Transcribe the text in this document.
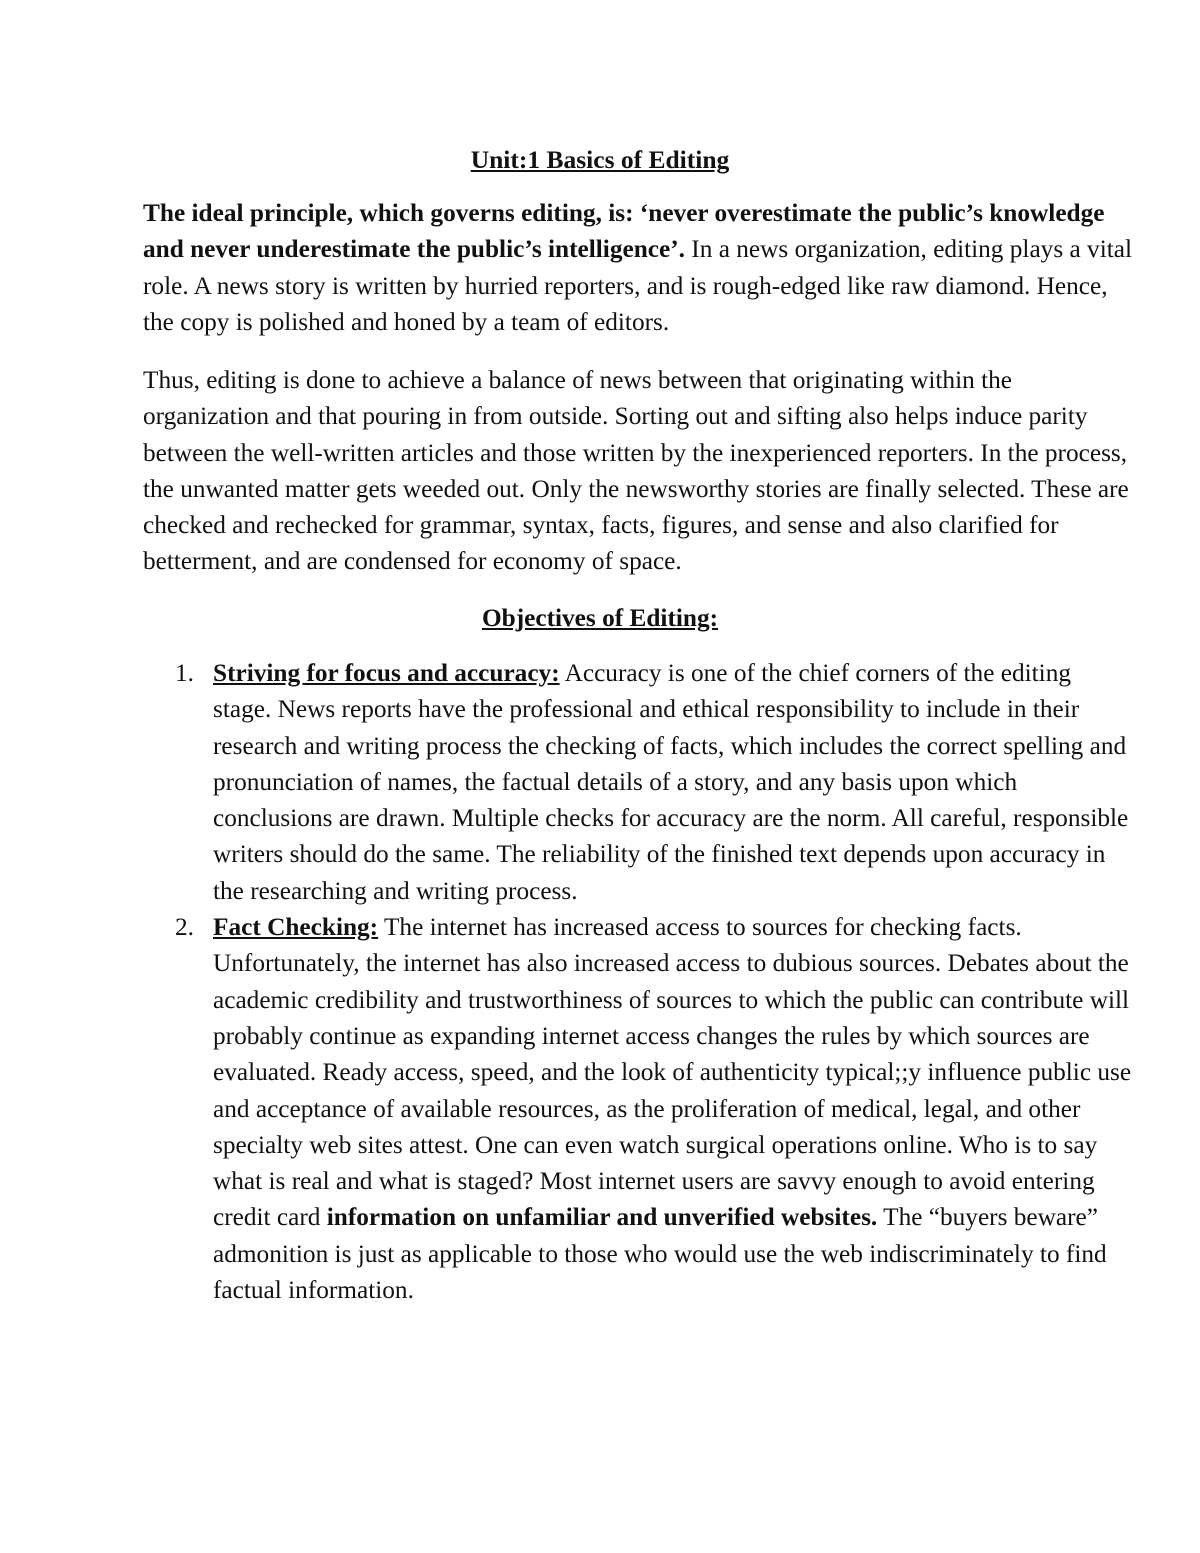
Unit:1 Basics of Editing

The ideal principle, which governs editing, is: ‘never overestimate the public’s knowledge and never underestimate the public’s intelligence’. In a news organization, editing plays a vital role. A news story is written by hurried reporters, and is rough-edged like raw diamond. Hence, the copy is polished and honed by a team of editors.

Thus, editing is done to achieve a balance of news between that originating within the organization and that pouring in from outside. Sorting out and sifting also helps induce parity between the well-written articles and those written by the inexperienced reporters. In the process, the unwanted matter gets weeded out. Only the newsworthy stories are finally selected. These are checked and rechecked for grammar, syntax, facts, figures, and sense and also clarified for betterment, and are condensed for economy of space.

Objectives of Editing:
1. Striving for focus and accuracy: Accuracy is one of the chief corners of the editing stage. News reports have the professional and ethical responsibility to include in their research and writing process the checking of facts, which includes the correct spelling and pronunciation of names, the factual details of a story, and any basis upon which conclusions are drawn. Multiple checks for accuracy are the norm. All careful, responsible writers should do the same. The reliability of the finished text depends upon accuracy in the researching and writing process.
2. Fact Checking: The internet has increased access to sources for checking facts. Unfortunately, the internet has also increased access to dubious sources. Debates about the academic credibility and trustworthiness of sources to which the public can contribute will probably continue as expanding internet access changes the rules by which sources are evaluated. Ready access, speed, and the look of authenticity typical;;y influence public use and acceptance of available resources, as the proliferation of medical, legal, and other specialty web sites attest. One can even watch surgical operations online. Who is to say what is real and what is staged? Most internet users are savvy enough to avoid entering credit card information on unfamiliar and unverified websites. The “buyers beware” admonition is just as applicable to those who would use the web indiscriminately to find factual information.
